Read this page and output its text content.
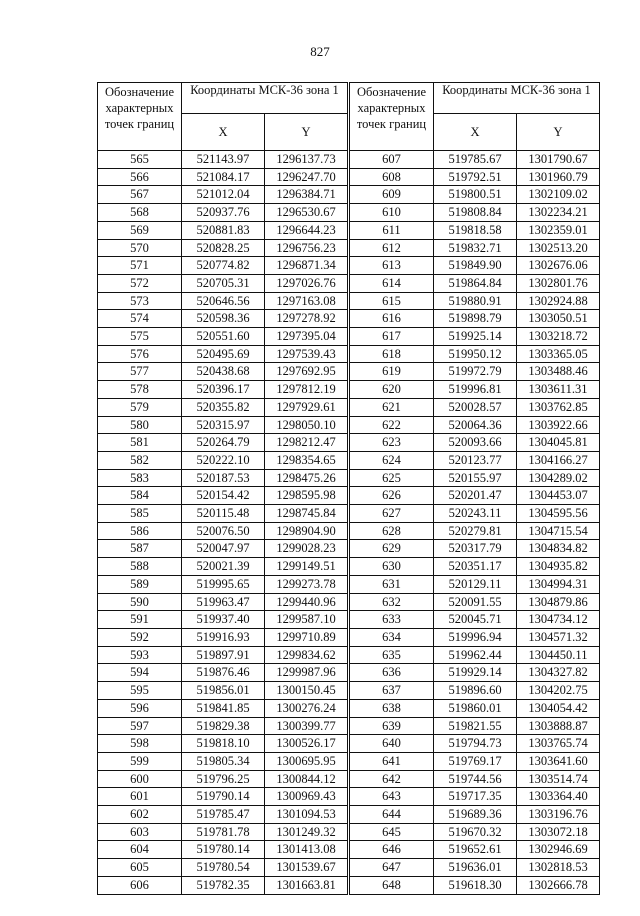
827
Обозначение характерных точек границ	Координаты МСК-36 зона 1	
	X	Y
565	521143.97	1296137.73
566	521084.17	1296247.70
567	521012.04	1296384.71
568	520937.76	1296530.67
569	520881.83	1296644.23
570	520828.25	1296756.23
571	520774.82	1296871.34
572	520705.31	1297026.76
573	520646.56	1297163.08
574	520598.36	1297278.92
575	520551.60	1297395.04
576	520495.69	1297539.43
577	520438.68	1297692.95
578	520396.17	1297812.19
579	520355.82	1297929.61
580	520315.97	1298050.10
581	520264.79	1298212.47
582	520222.10	1298354.65
583	520187.53	1298475.26
584	520154.42	1298595.98
585	520115.48	1298745.84
586	520076.50	1298904.90
587	520047.97	1299028.23
588	520021.39	1299149.51
589	519995.65	1299273.78
590	519963.47	1299440.96
591	519937.40	1299587.10
592	519916.93	1299710.89
593	519897.91	1299834.62
594	519876.46	1299987.96
595	519856.01	1300150.45
596	519841.85	1300276.24
597	519829.38	1300399.77
598	519818.10	1300526.17
599	519805.34	1300695.95
600	519796.25	1300844.12
601	519790.14	1300969.43
602	519785.47	1301094.53
603	519781.78	1301249.32
604	519780.14	1301413.08
605	519780.54	1301539.67
606	519782.35	1301663.81
Обозначение характерных точек границ	Координаты МСК-36 зона 1	
	X	Y
607	519785.67	1301790.67
608	519792.51	1301960.79
609	519800.51	1302109.02
610	519808.84	1302234.21
611	519818.58	1302359.01
612	519832.71	1302513.20
613	519849.90	1302676.06
614	519864.84	1302801.76
615	519880.91	1302924.88
616	519898.79	1303050.51
617	519925.14	1303218.72
618	519950.12	1303365.05
619	519972.79	1303488.46
620	519996.81	1303611.31
621	520028.57	1303762.85
622	520064.36	1303922.66
623	520093.66	1304045.81
624	520123.77	1304166.27
625	520155.97	1304289.02
626	520201.47	1304453.07
627	520243.11	1304595.56
628	520279.81	1304715.54
629	520317.79	1304834.82
630	520351.17	1304935.82
631	520129.11	1304994.31
632	520091.55	1304879.86
633	520045.71	1304734.12
634	519996.94	1304571.32
635	519962.44	1304450.11
636	519929.14	1304327.82
637	519896.60	1304202.75
638	519860.01	1304054.42
639	519821.55	1303888.87
640	519794.73	1303765.74
641	519769.17	1303641.60
642	519744.56	1303514.74
643	519717.35	1303364.40
644	519689.36	1303196.76
645	519670.32	1303072.18
646	519652.61	1302946.69
647	519636.01	1302818.53
648	519618.30	1302666.78
